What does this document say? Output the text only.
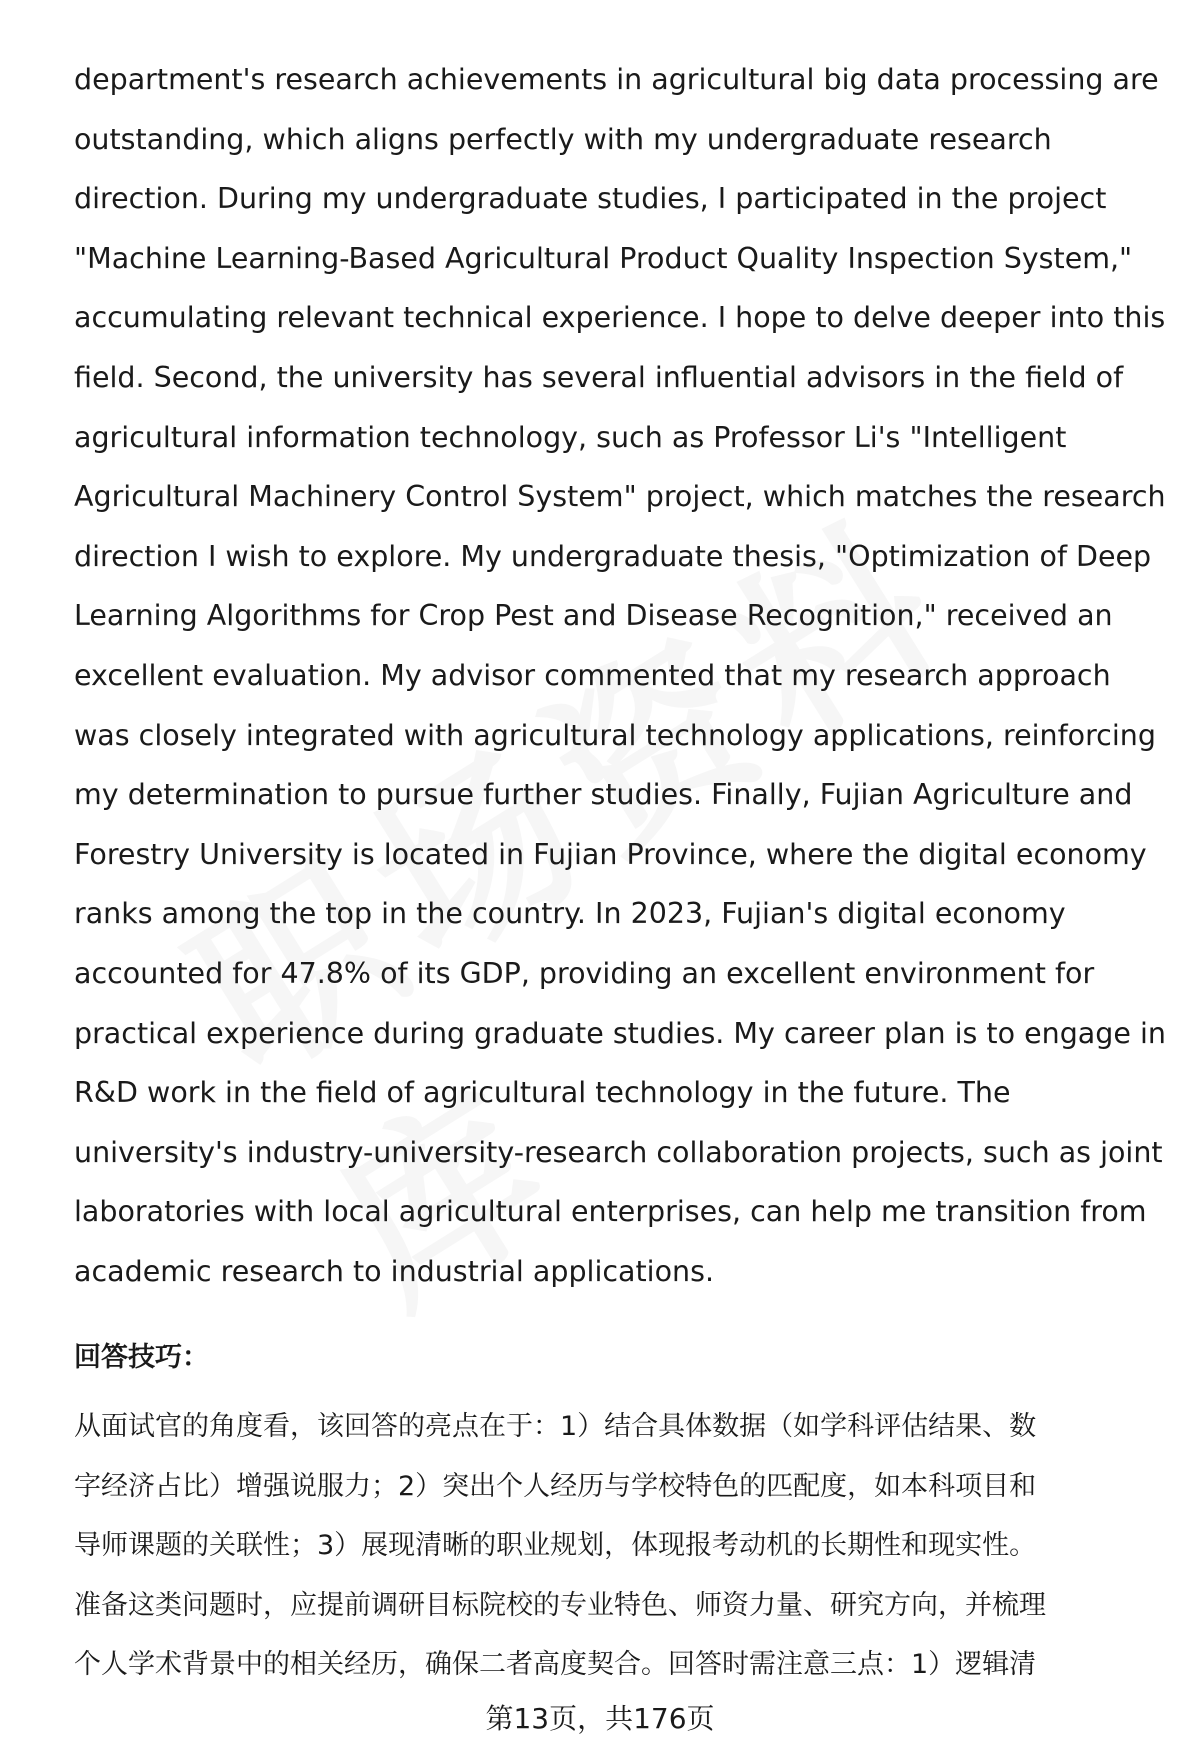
department's research achievements in agricultural big data processing are
outstanding, which aligns perfectly with my undergraduate research
direction. During my undergraduate studies, I participated in the project
"Machine Learning-Based Agricultural Product Quality Inspection System,"
accumulating relevant technical experience. I hope to delve deeper into this
field. Second, the university has several influential advisors in the field of
agricultural information technology, such as Professor Li's "Intelligent
Agricultural Machinery Control System" project, which matches the research
direction I wish to explore. My undergraduate thesis, "Optimization of Deep
Learning Algorithms for Crop Pest and Disease Recognition," received an
excellent evaluation. My advisor commented that my research approach
was closely integrated with agricultural technology applications, reinforcing
my determination to pursue further studies. Finally, Fujian Agriculture and
Forestry University is located in Fujian Province, where the digital economy
ranks among the top in the country. In 2023, Fujian's digital economy
accounted for 47.8% of its GDP, providing an excellent environment for
practical experience during graduate studies. My career plan is to engage in
R&D work in the field of agricultural technology in the future. The
university's industry-university-research collaboration projects, such as joint
laboratories with local agricultural enterprises, can help me transition from
academic research to industrial applications.

回答技巧：

从面试官的角度看，该回答的亮点在于：1）结合具体数据（如学科评估结果、数
字经济占比）增强说服力；2）突出个人经历与学校特色的匹配度，如本科项目和
导师课题的关联性；3）展现清晰的职业规划，体现报考动机的长期性和现实性。
准备这类问题时，应提前调研目标院校的专业特色、师资力量、研究方向，并梳理
个人学术背景中的相关经历，确保二者高度契合。回答时需注意三点：1）逻辑清

第13页，共176页
